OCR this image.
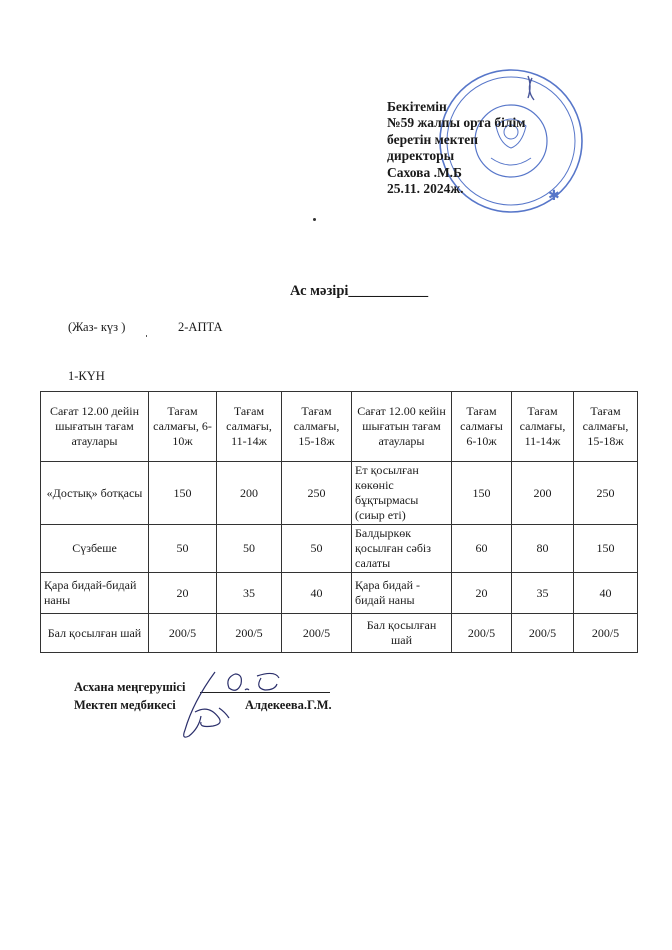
✱
Бекітемін
№59 жалпы орта білім
беретін мектеп
директоры
Сахова .М.Б
25.11. 2024ж.
Ас мәзірі___________
(Жаз- күз )	2-АПТА
1-КҮН
Сағат 12.00 дейін шығатын тағам атаулары	Тағам салмағы, 6-10ж	Тағам салмағы, 11-14ж	Тағам салмағы, 15-18ж	Сағат 12.00 кейін шығатын тағам атаулары	Тағам салмағы 6-10ж	Тағам салмағы, 11-14ж	Тағам салмағы, 15-18ж
«Достық» ботқасы	150	200	250	Ет қосылған көкөніс бұқтырмасы (сиыр еті)	150	200	250
Сүзбеше	50	50	50	Балдыркөк қосылған сәбіз салаты	60	80	150
Қара бидай-бидай наны	20	35	40	Қара бидай - бидай наны	20	35	40
Бал қосылған шай	200/5	200/5	200/5	Бал қосылған шай	200/5	200/5	200/5
Асхана меңгерушісі
Мектеп медбикесі	Алдекеева.Г.М.
